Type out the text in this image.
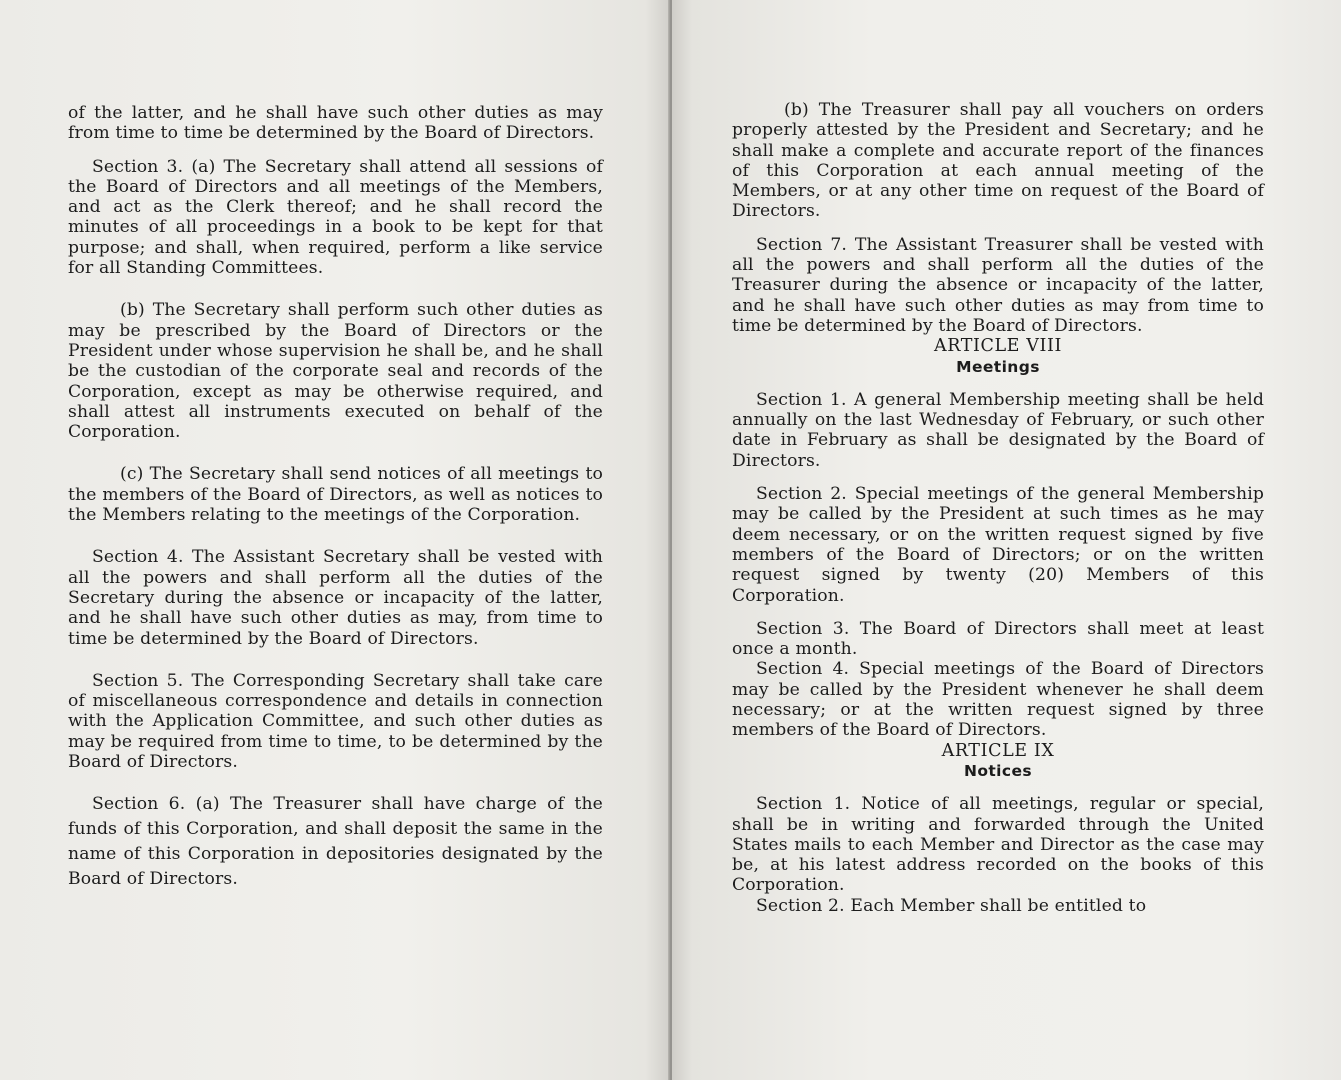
of the latter, and he shall have such other duties as may from time to time be determined by the Board of Directors.

Section 3. (a) The Secretary shall attend all sessions of the Board of Directors and all meetings of the Members, and act as the Clerk thereof; and he shall record the minutes of all proceedings in a book to be kept for that purpose; and shall, when required, perform a like service for all Standing Committees.

(b) The Secretary shall perform such other duties as may be prescribed by the Board of Directors or the President under whose supervision he shall be, and he shall be the custodian of the corporate seal and records of the Corporation, except as may be otherwise required, and shall attest all instruments executed on behalf of the Corporation.

(c) The Secretary shall send notices of all meetings to the members of the Board of Directors, as well as notices to the Members relating to the meetings of the Corporation.

Section 4. The Assistant Secretary shall be vested with all the powers and shall perform all the duties of the Secretary during the absence or incapacity of the latter, and he shall have such other duties as may, from time to time be determined by the Board of Directors.

Section 5. The Corresponding Secretary shall take care of miscellaneous correspondence and details in connection with the Application Committee, and such other duties as may be required from time to time, to be determined by the Board of Directors.

Section 6. (a) The Treasurer shall have charge of the funds of this Corporation, and shall deposit the same in the name of this Corporation in depositories designated by the Board of Directors.

(b) The Treasurer shall pay all vouchers on orders properly attested by the President and Secretary; and he shall make a complete and accurate report of the finances of this Corporation at each annual meeting of the Members, or at any other time on request of the Board of Directors.

Section 7. The Assistant Treasurer shall be vested with all the powers and shall perform all the duties of the Treasurer during the absence or incapacity of the latter, and he shall have such other duties as may from time to time be determined by the Board of Directors.

ARTICLE VIII

Meetings

Section 1. A general Membership meeting shall be held annually on the last Wednesday of February, or such other date in February as shall be designated by the Board of Directors.

Section 2. Special meetings of the general Membership may be called by the President at such times as he may deem necessary, or on the written request signed by five members of the Board of Directors; or on the written request signed by twenty (20) Members of this Corporation.

Section 3. The Board of Directors shall meet at least once a month.

Section 4. Special meetings of the Board of Directors may be called by the President whenever he shall deem necessary; or at the written request signed by three members of the Board of Directors.

ARTICLE IX

Notices

Section 1. Notice of all meetings, regular or special, shall be in writing and forwarded through the United States mails to each Member and Director as the case may be, at his latest address recorded on the books of this Corporation.

Section 2. Each Member shall be entitled to
